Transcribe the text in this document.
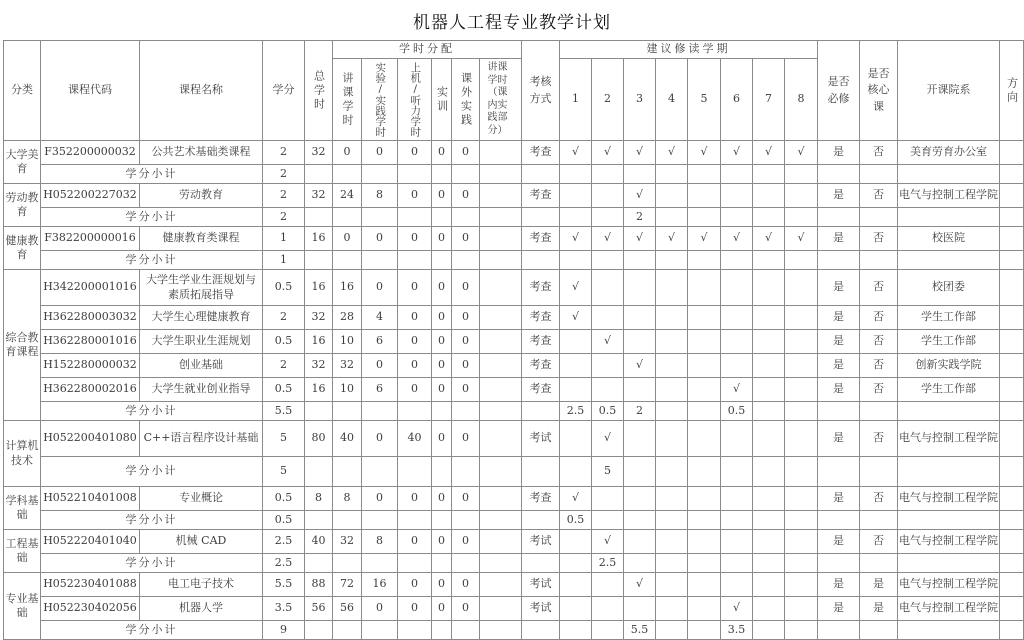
机器人工程专业教学计划
分类	课程代码	课程名称	学分	总学时	学时分配						考核方式	建议修读学期								是否必修	是否核心课	开课院系	方向

					讲课学时	实验/实践学时	上机/听力学时	实训	课外实践	讲课学时（课内实践部分）		1	2	3	4	5	6	7	8				
大学美育	F352200000032	公共艺术基础类课程	2	32	0	0	0	0	0		考查	√	√	√	√	√	√	√	√	是	否	美育劳育办公室	
	学分小计		2																				
劳动教育	H052200227032	劳动教育	2	32	24	8	0	0	0		考查			√						是	否	电气与控制工程学院	
	学分小计		2											2									
健康教育	F382200000016	健康教育类课程	1	16	0	0	0	0	0		考查	√	√	√	√	√	√	√	√	是	否	校医院	
	学分小计		1																				
综合教育课程	H342200001016	大学生学业生涯规划与素质拓展指导	0.5	16	16	0	0	0	0		考查	√								是	否	校团委	
	H362280003032	大学生心理健康教育	2	32	28	4	0	0	0		考查	√								是	否	学生工作部	
	H362280001016	大学生职业生涯规划	0.5	16	10	6	0	0	0		考查		√							是	否	学生工作部	
	H152280000032	创业基础	2	32	32	0	0	0	0		考查			√						是	否	创新实践学院	
	H362280002016	大学生就业创业指导	0.5	16	10	6	0	0	0		考查						√			是	否	学生工作部	
	学分小计		5.5									2.5	0.5	2			0.5						
计算机技术	H052200401080	C++语言程序设计基础	5	80	40	0	40	0	0		考试		√							是	否	电气与控制工程学院	
	学分小计		5										5										
学科基础	H052210401008	专业概论	0.5	8	8	0	0	0	0		考查	√								是	否	电气与控制工程学院	
	学分小计		0.5									0.5											
工程基础	H052220401040	机械 CAD	2.5	40	32	8	0	0	0		考试		√							是	否	电气与控制工程学院	
	学分小计		2.5										2.5										
专业基础	H052230401088	电工电子技术	5.5	88	72	16	0	0	0		考试			√						是	是	电气与控制工程学院	
	H052230402056	机器人学	3.5	56	56	0	0	0	0		考试						√			是	是	电气与控制工程学院	
	学分小计		9											5.5			3.5						
